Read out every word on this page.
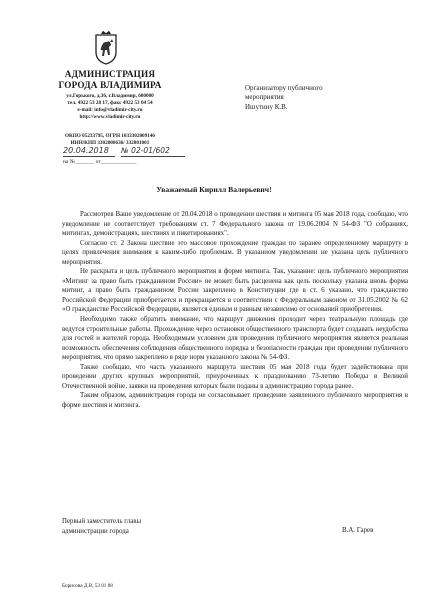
АДМИНИСТРАЦИЯ
ГОРОДА ВЛАДИМИРА
ул.Горького, д.36, г.Владимир, 600000
тел. 4922 53 28 17, факс 4922 53 04 54
e-mail: info@vladimir-city.ru
http://www.vladimir-city.ru
ОКПО 05233795, ОГРН 1033302009146
ИНН/КПП 3302008636/ 332801001
20.04.2018 № 02-01/602
на №_______ от_____________
Организатору публичного
мероприятия
Ишутину К.В.
Уважаемый Кирилл Валерьевич!

Рассмотрев Ваше уведомление от 20.04.2018 о проведении шествия и митинга 05 мая 2018 года, сообщаю, что уведомление не соответствует требованиям ст. 7 Федерального закона от 19.06.2004 N 54-ФЗ "О собраниях, митингах, демонстрациях, шествиях и пикетированиях".

Согласно ст. 2 Закона шествие это массовое прохождение граждан по заранее определенному маршруту в целях привлечения внимания к каким-либо проблемам. В указанном уведомлении не указана цель публичного мероприятия.

Не раскрыта и цель публичного мероприятия в форме митинга. Так, указание: цель публичного мероприятия «Митинг за право быть гражданином России» не может быть расценена как цель поскольку указана вновь форма митинг, а право быть гражданином России закреплено в Конституции где в ст. 6 указано, что гражданство Российской Федерации приобретается и прекращается в соответствии с Федеральным законом от 31.05.2002 № 62 «О гражданстве Российской Федерации, является единым и равным независимо от оснований приобретения.

Необходимо также обратить внимание, что маршрут движения проходит через театральную площадь где ведутся строительные работы. Прохождение через остановки общественного транспорта будет создавать неудобства для гостей и жителей города. Необходимым условием для проведения публичного мероприятия является реальная возможность обеспечения соблюдения общественного порядка и безопасности граждан при проведении публичного мероприятия, что прямо закреплено в ряде норм указанного закона № 54-ФЗ.

Также сообщаю, что часть указанного маршрута шествия 05 мая 2018 года будет задействована при проведении других крупных мероприятий, приуроченных к празднованию 73-летию Победы в Великой Отечественной войне, заявки на проведения которых были поданы в администрацию города ранее.

Таким образом, администрация города не согласовывает проведение заявленного публичного мероприятия в форме шествия и митинга.

Первый заместитель главы
администрации города	В.А. Гарев
Борисова Д.В, 53 01 88
